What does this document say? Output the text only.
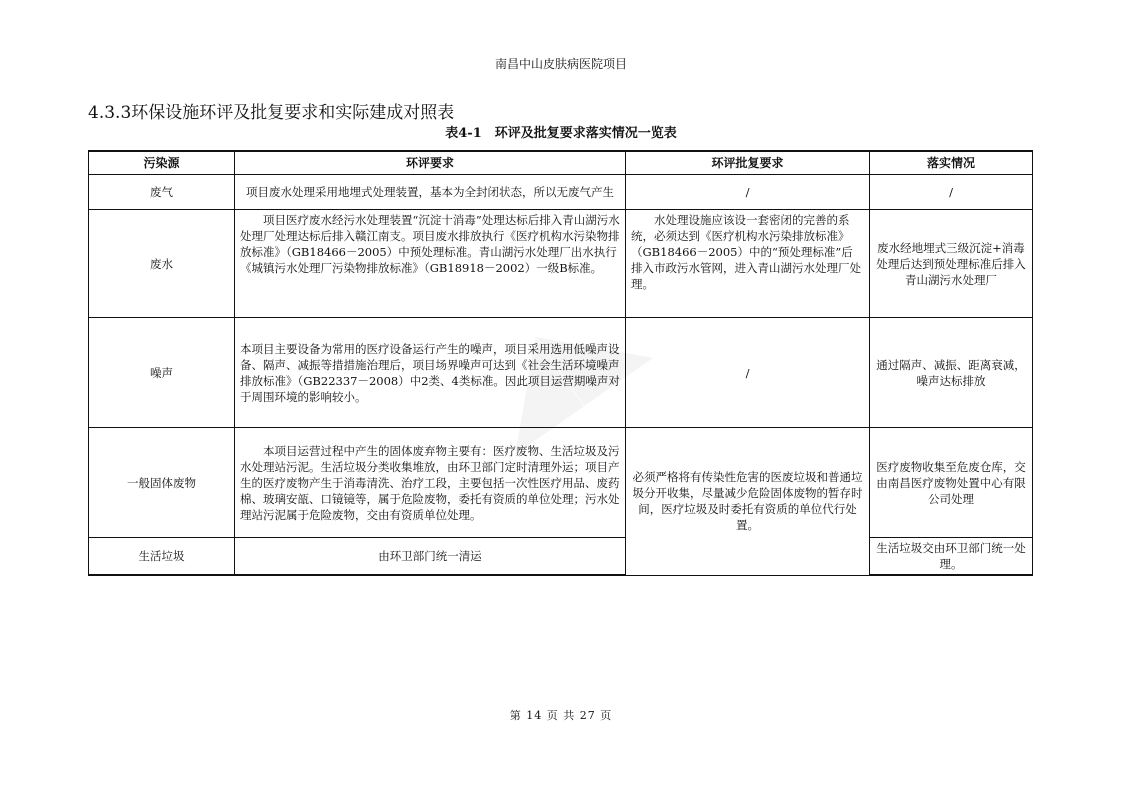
南昌中山皮肤病医院项目
4.3.3环保设施环评及批复要求和实际建成对照表
表4-1　环评及批复要求落实情况一览表
污染源	环评要求	环评批复要求	落实情况
废气	项目废水处理采用地埋式处理装置，基本为全封闭状态，所以无废气产生	/	/
废水	项目医疗废水经污水处理装置“沉淀十消毒”处理达标后排入青山湖污水处理厂处理达标后排入赣江南支。项目废水排放执行《医疗机构水污染物排放标准》（GB18466－2005）中预处理标准。青山湖污水处理厂出水执行《城镇污水处理厂污染物排放标准》（GB18918－2002）一级B标准。	水处理设施应该设一套密闭的完善的系统，必须达到《医疗机构水污染排放标准》（GB18466－2005）中的“预处理标准”后排入市政污水管网，进入青山湖污水处理厂处理。	废水经地埋式三级沉淀+消毒处理后达到预处理标准后排入青山湖污水处理厂
噪声	本项目主要设备为常用的医疗设备运行产生的噪声，项目采用选用低噪声设备、隔声、减振等措措施治理后，项目场界噪声可达到《社会生活环境噪声排放标准》（GB22337－2008）中2类、4类标准。因此项目运营期噪声对于周围环境的影响较小。	/	通过隔声、减振、距离衰减，噪声达标排放
一般固体废物	本项目运营过程中产生的固体废弃物主要有：医疗废物、生活垃圾及污水处理站污泥。生活垃圾分类收集堆放，由环卫部门定时清理外运；项目产生的医疗废物产生于消毒清洗、治疗工段，主要包括一次性医疗用品、废药棉、玻璃安瓿、口镜镜等，属于危险废物，委托有资质的单位处理；污水处理站污泥属于危险废物，交由有资质单位处理。	必须严格将有传染性危害的医废垃圾和普通垃圾分开收集，尽量减少危险固体废物的暂存时间，医疗垃圾及时委托有资质的单位代行处置。	医疗废物收集至危废仓库，交由南昌医疗废物处置中心有限公司处理
生活垃圾	由环卫部门统一清运		生活垃圾交由环卫部门统一处理。
第 14 页 共 27 页
